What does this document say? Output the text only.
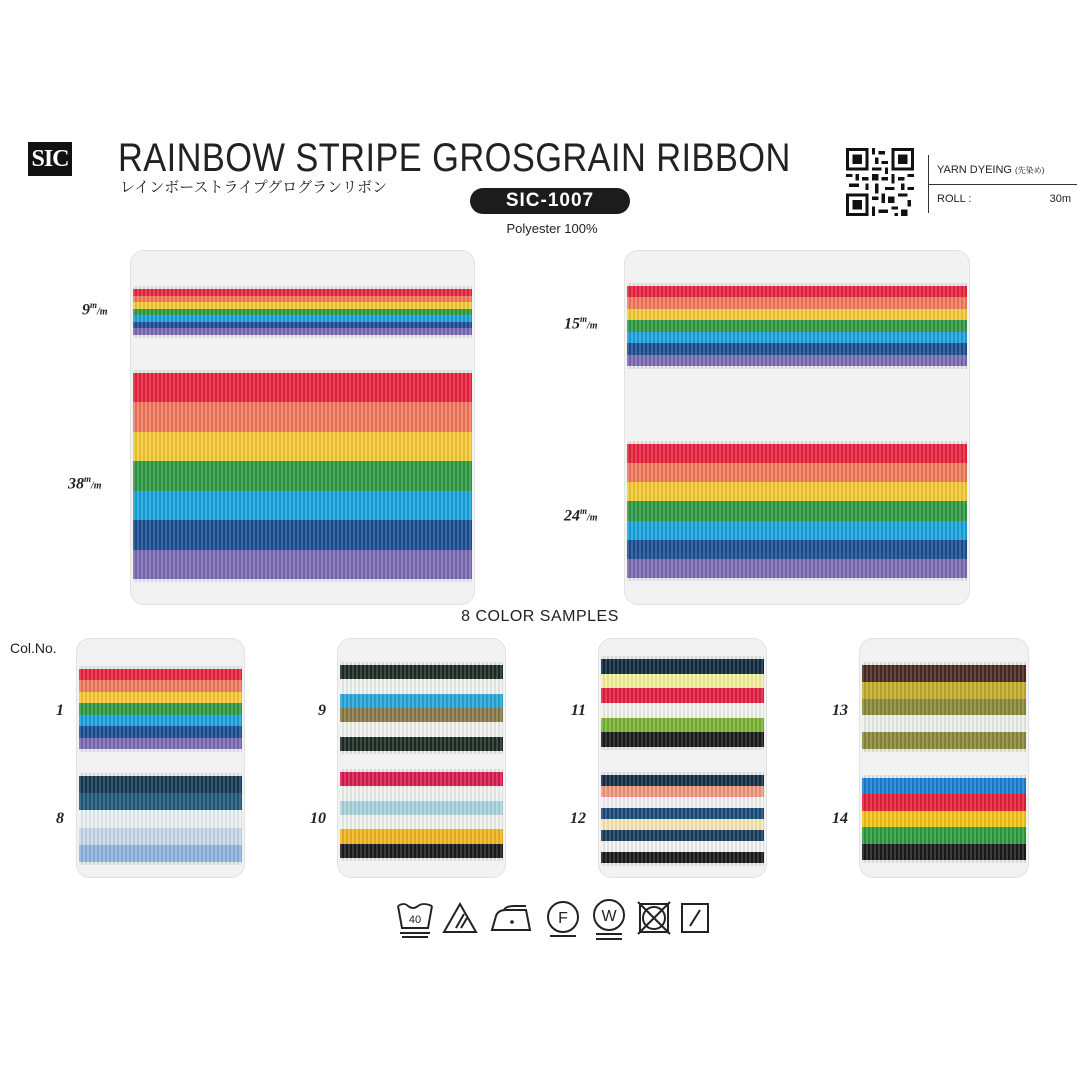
SIC
™ RAINBOW STRIPE GROSGRAIN RIBBON
レインボーストライプグログランリボン
SIC-1007
Polyester 100%
YARN DYEING (先染め)
ROLL :	30m
9$^m$/m
38$^m$/m
15$^m$/m
24$^m$/m
8 COLOR SAMPLES
Col.No.
1
8
9
10
11
12
13
14
40	F W
